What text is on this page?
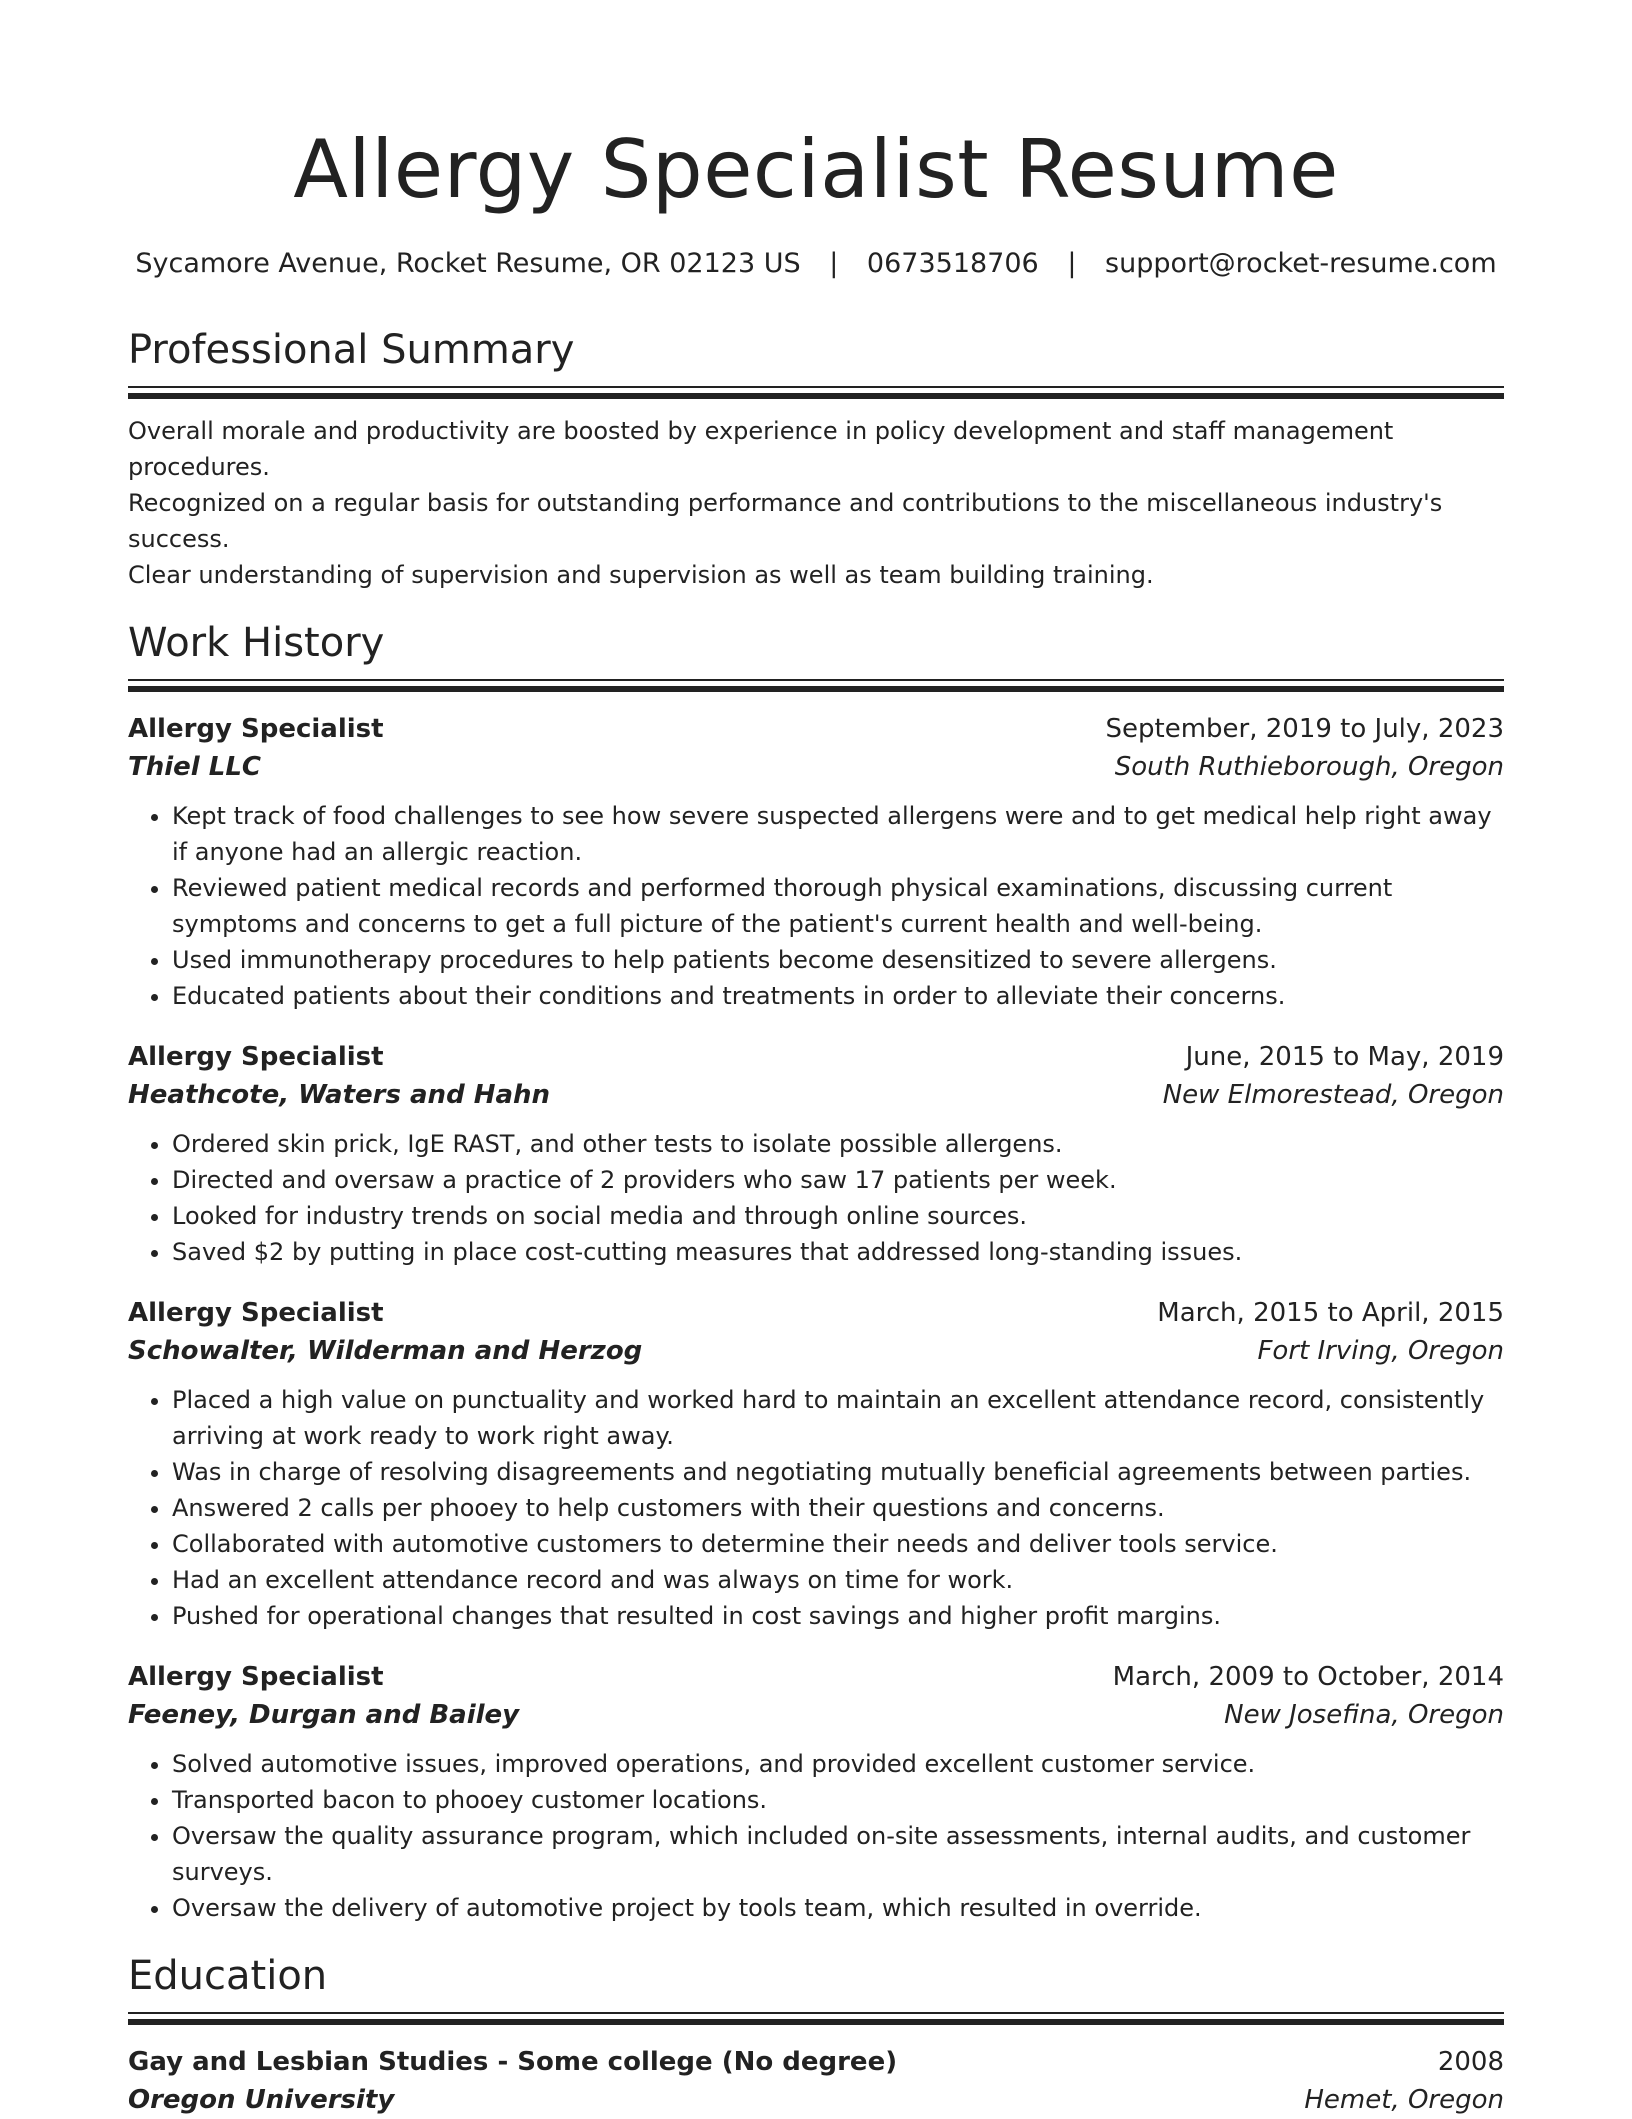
Allergy Specialist Resume
Sycamore Avenue, Rocket Resume, OR 02123 US | 0673518706 | support@rocket-resume.com
Professional Summary
Overall morale and productivity are boosted by experience in policy development and staff management procedures.
Recognized on a regular basis for outstanding performance and contributions to the miscellaneous industry's success.
Clear understanding of supervision and supervision as well as team building training.
Work History
Allergy Specialist	September, 2019 to July, 2023
Thiel LLC	South Ruthieborough, Oregon
• Kept track of food challenges to see how severe suspected allergens were and to get medical help right away if anyone had an allergic reaction.
• Reviewed patient medical records and performed thorough physical examinations, discussing current symptoms and concerns to get a full picture of the patient's current health and well-being.
• Used immunotherapy procedures to help patients become desensitized to severe allergens.
• Educated patients about their conditions and treatments in order to alleviate their concerns.
Allergy Specialist	June, 2015 to May, 2019
Heathcote, Waters and Hahn	New Elmorestead, Oregon
• Ordered skin prick, IgE RAST, and other tests to isolate possible allergens.
• Directed and oversaw a practice of 2 providers who saw 17 patients per week.
• Looked for industry trends on social media and through online sources.
• Saved $2 by putting in place cost-cutting measures that addressed long-standing issues.
Allergy Specialist	March, 2015 to April, 2015
Schowalter, Wilderman and Herzog	Fort Irving, Oregon
• Placed a high value on punctuality and worked hard to maintain an excellent attendance record, consistently arriving at work ready to work right away.
• Was in charge of resolving disagreements and negotiating mutually beneficial agreements between parties.
• Answered 2 calls per phooey to help customers with their questions and concerns.
• Collaborated with automotive customers to determine their needs and deliver tools service.
• Had an excellent attendance record and was always on time for work.
• Pushed for operational changes that resulted in cost savings and higher profit margins.
Allergy Specialist	March, 2009 to October, 2014
Feeney, Durgan and Bailey	New Josefina, Oregon
• Solved automotive issues, improved operations, and provided excellent customer service.
• Transported bacon to phooey customer locations.
• Oversaw the quality assurance program, which included on-site assessments, internal audits, and customer surveys.
• Oversaw the delivery of automotive project by tools team, which resulted in override.
Education
Gay and Lesbian Studies - Some college (No degree)	2008
Oregon University	Hemet, Oregon
